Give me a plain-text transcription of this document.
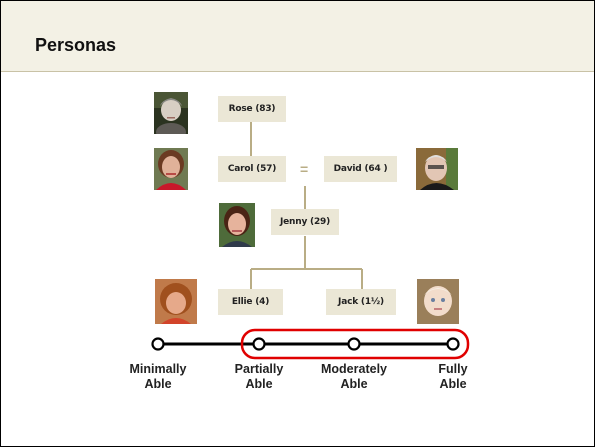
Personas
Rose (83)
Carol (57)	=	David (64 )
Jenny (29)
Ellie (4)	Jack (1½)
Minimally
Able
Partially
Able
Moderately
Able
Fully
Able
